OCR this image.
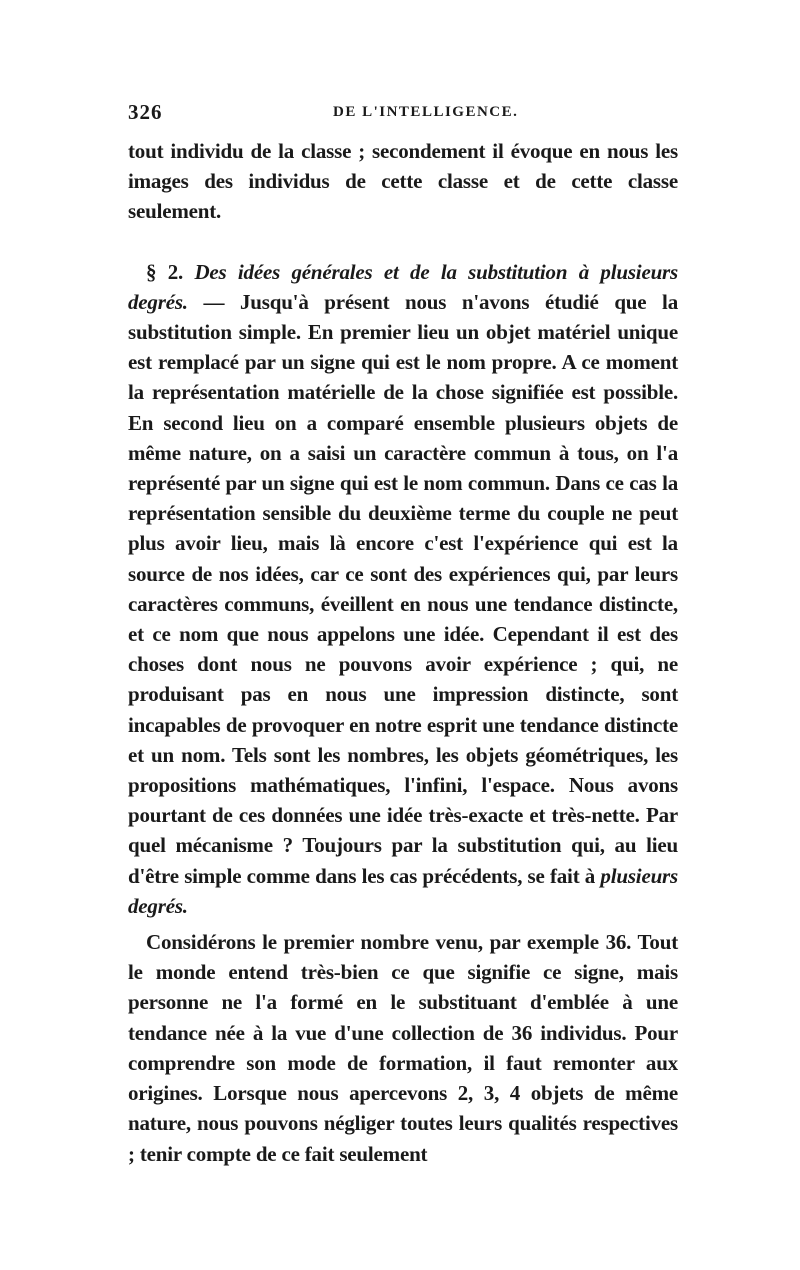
326	DE L'INTELLIGENCE.

tout individu de la classe ; secondement il évoque en nous les images des individus de cette classe et de cette classe seulement.

§ 2. Des idées générales et de la substitution à plusieurs degrés. — Jusqu'à présent nous n'avons étudié que la substitution simple. En premier lieu un objet matériel unique est remplacé par un signe qui est le nom propre. A ce moment la représentation matérielle de la chose signifiée est possible. En second lieu on a comparé ensemble plusieurs objets de même nature, on a saisi un caractère commun à tous, on l'a représenté par un signe qui est le nom commun. Dans ce cas la représentation sensible du deuxième terme du couple ne peut plus avoir lieu, mais là encore c'est l'expérience qui est la source de nos idées, car ce sont des expériences qui, par leurs caractères communs, éveillent en nous une tendance distincte, et ce nom que nous appelons une idée. Cependant il est des choses dont nous ne pouvons avoir expérience ; qui, ne produisant pas en nous une impression distincte, sont incapables de provoquer en notre esprit une tendance distincte et un nom. Tels sont les nombres, les objets géométriques, les propositions mathématiques, l'infini, l'espace. Nous avons pourtant de ces données une idée très-exacte et très-nette. Par quel mécanisme ? Toujours par la substitution qui, au lieu d'être simple comme dans les cas précédents, se fait à plusieurs degrés.

Considérons le premier nombre venu, par exemple 36. Tout le monde entend très-bien ce que signifie ce signe, mais personne ne l'a formé en le substituant d'emblée à une tendance née à la vue d'une collection de 36 individus. Pour comprendre son mode de formation, il faut remonter aux origines. Lorsque nous apercevons 2, 3, 4 objets de même nature, nous pouvons négliger toutes leurs qualités respectives ; tenir compte de ce fait seulement
